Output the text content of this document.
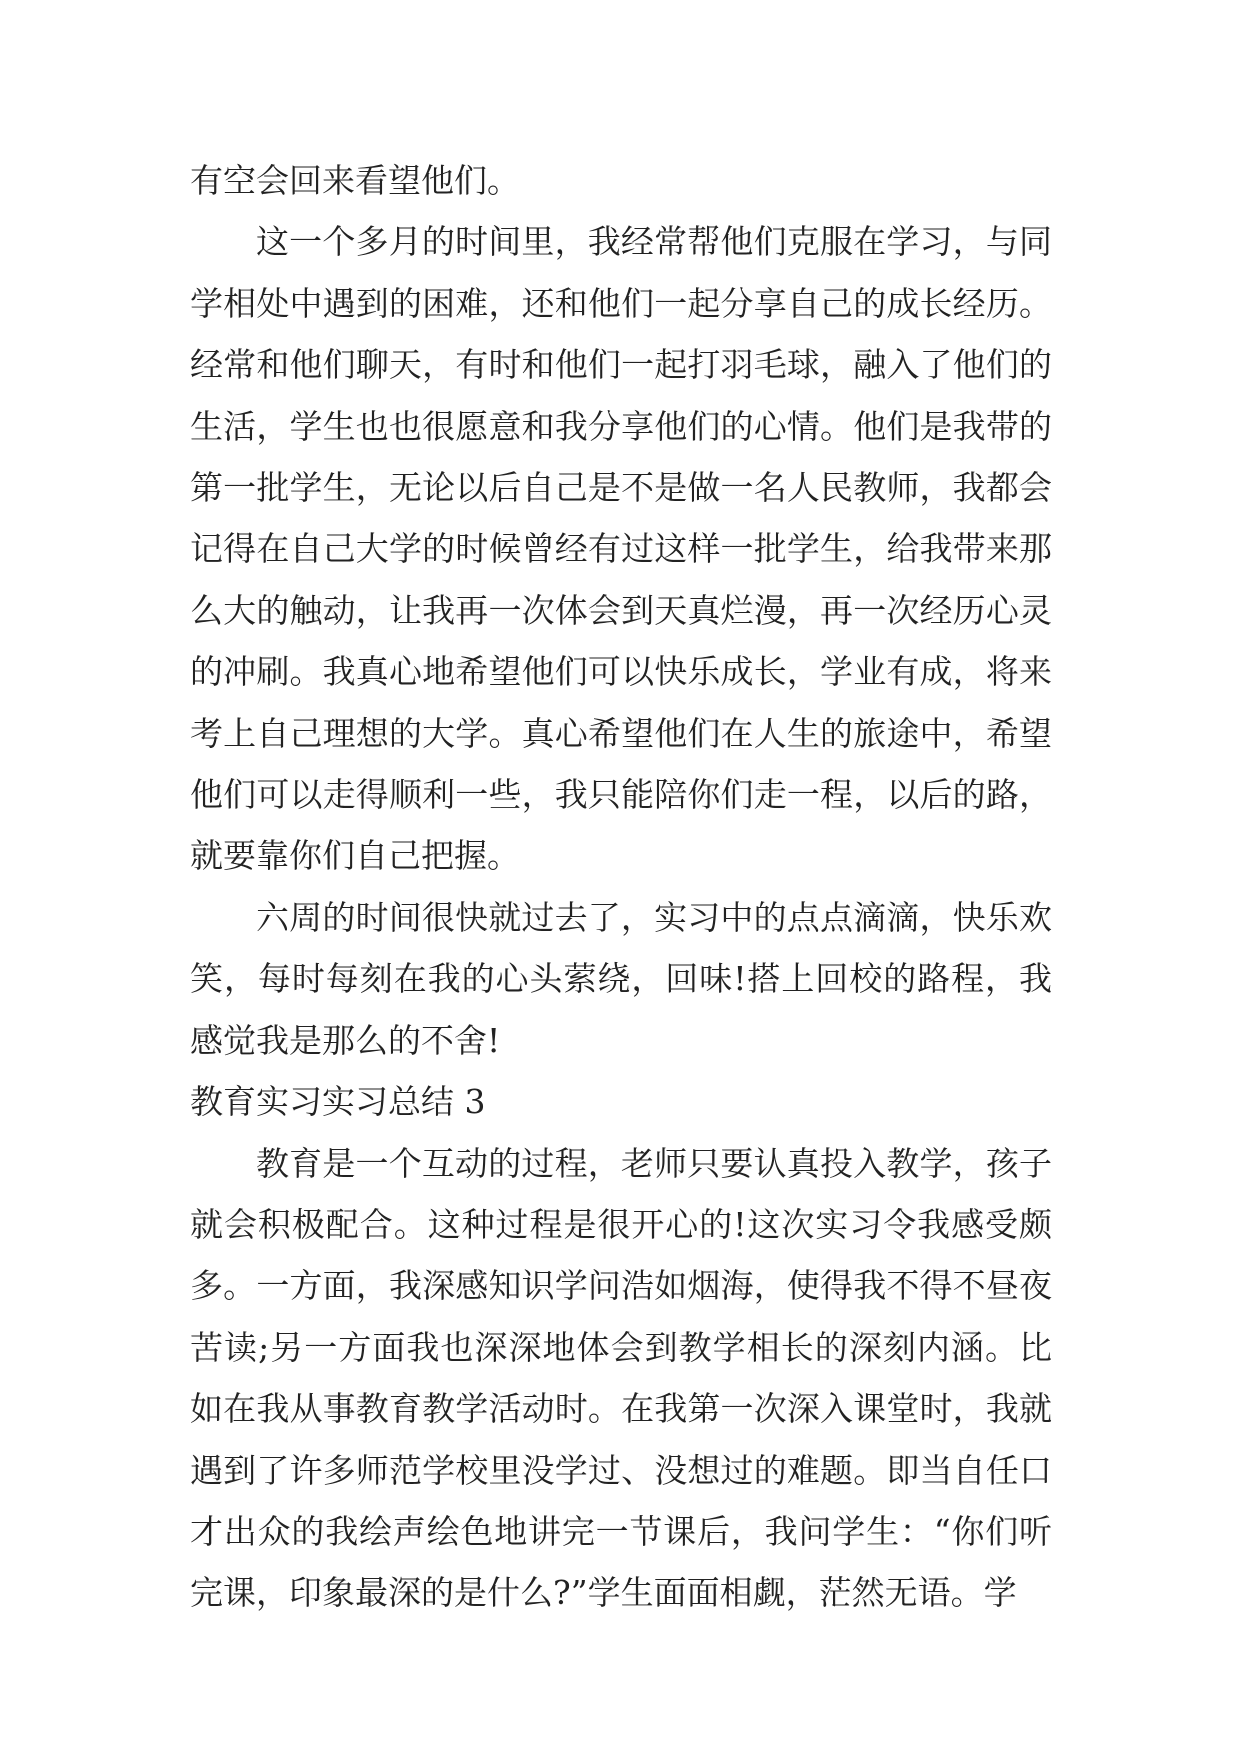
有空会回来看望他们。

这一个多月的时间里，我经常帮他们克服在学习，与同学相处中遇到的困难，还和他们一起分享自己的成长经历。经常和他们聊天，有时和他们一起打羽毛球，融入了他们的生活，学生也也很愿意和我分享他们的心情。他们是我带的第一批学生，无论以后自己是不是做一名人民教师，我都会记得在自己大学的时候曾经有过这样一批学生，给我带来那么大的触动，让我再一次体会到天真烂漫，再一次经历心灵的冲刷。我真心地希望他们可以快乐成长，学业有成，将来考上自己理想的大学。真心希望他们在人生的旅途中，希望他们可以走得顺利一些，我只能陪你们走一程，以后的路，就要靠你们自己把握。

六周的时间很快就过去了，实习中的点点滴滴，快乐欢笑，每时每刻在我的心头萦绕，回味!搭上回校的路程，我感觉我是那么的不舍!

教育实习实习总结 3

教育是一个互动的过程，老师只要认真投入教学，孩子就会积极配合。这种过程是很开心的!这次实习令我感受颇多。一方面，我深感知识学问浩如烟海，使得我不得不昼夜苦读;另一方面我也深深地体会到教学相长的深刻内涵。比如在我从事教育教学活动时。在我第一次深入课堂时，我就遇到了许多师范学校里没学过、没想过的难题。即当自任口才出众的我绘声绘色地讲完一节课后，我问学生：“你们听完课，印象最深的是什么?”学生面面相觑，茫然无语。学
